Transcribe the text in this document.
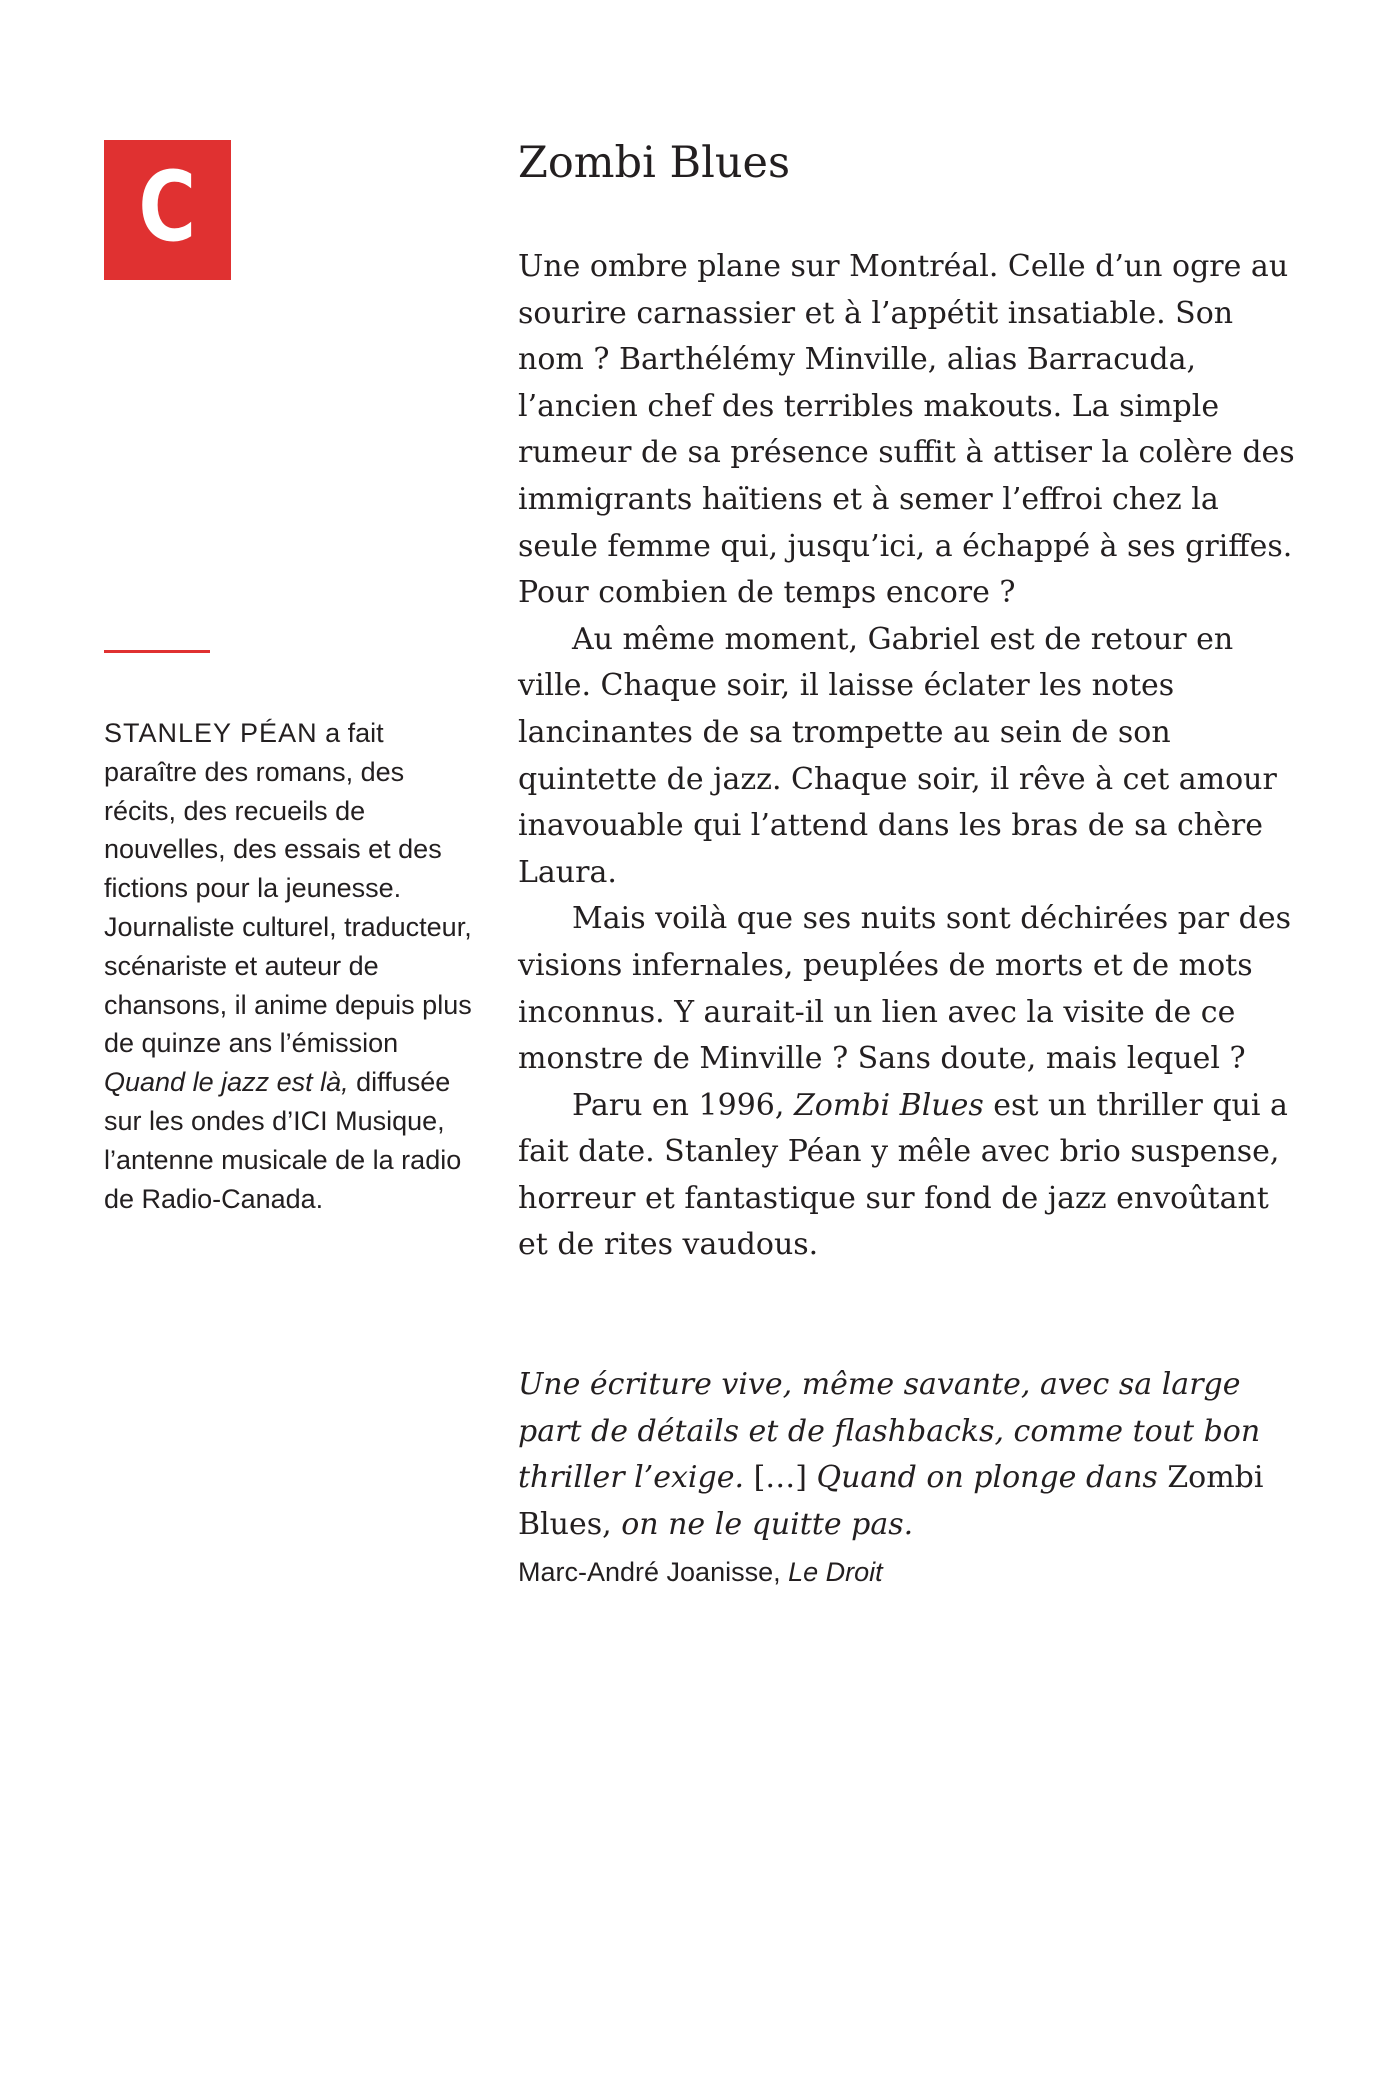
C

STANLEY PÉAN a fait paraître des romans, des récits, des recueils de nouvelles, des essais et des fictions pour la jeunesse. Journaliste culturel, traducteur, scénariste et auteur de chansons, il anime depuis plus de quinze ans l’émission Quand le jazz est là, diffusée sur les ondes d’ICI Musique, l’antenne musicale de la radio de Radio-Canada.

Zombi Blues

Une ombre plane sur Montréal. Celle d’un ogre au sourire carnassier et à l’appétit insatiable. Son nom ? Barthélémy Minville, alias Barracuda, l’ancien chef des terribles makouts. La simple rumeur de sa présence suffit à attiser la colère des immigrants haïtiens et à semer l’effroi chez la seule femme qui, jusqu’ici, a échappé à ses griffes. Pour combien de temps encore ?

Au même moment, Gabriel est de retour en ville. Chaque soir, il laisse éclater les notes lancinantes de sa trompette au sein de son quintette de jazz. Chaque soir, il rêve à cet amour inavouable qui l’attend dans les bras de sa chère Laura.

Mais voilà que ses nuits sont déchirées par des visions infernales, peuplées de morts et de mots inconnus. Y aurait-il un lien avec la visite de ce monstre de Minville ? Sans doute, mais lequel ?

Paru en 1996, Zombi Blues est un thriller qui a fait date. Stanley Péan y mêle avec brio suspense, horreur et fantastique sur fond de jazz envoûtant et de rites vaudous.

Une écriture vive, même savante, avec sa large part de détails et de flashbacks, comme tout bon thriller l’exige. […] Quand on plonge dans Zombi Blues, on ne le quitte pas.

Marc-André Joanisse, Le Droit
